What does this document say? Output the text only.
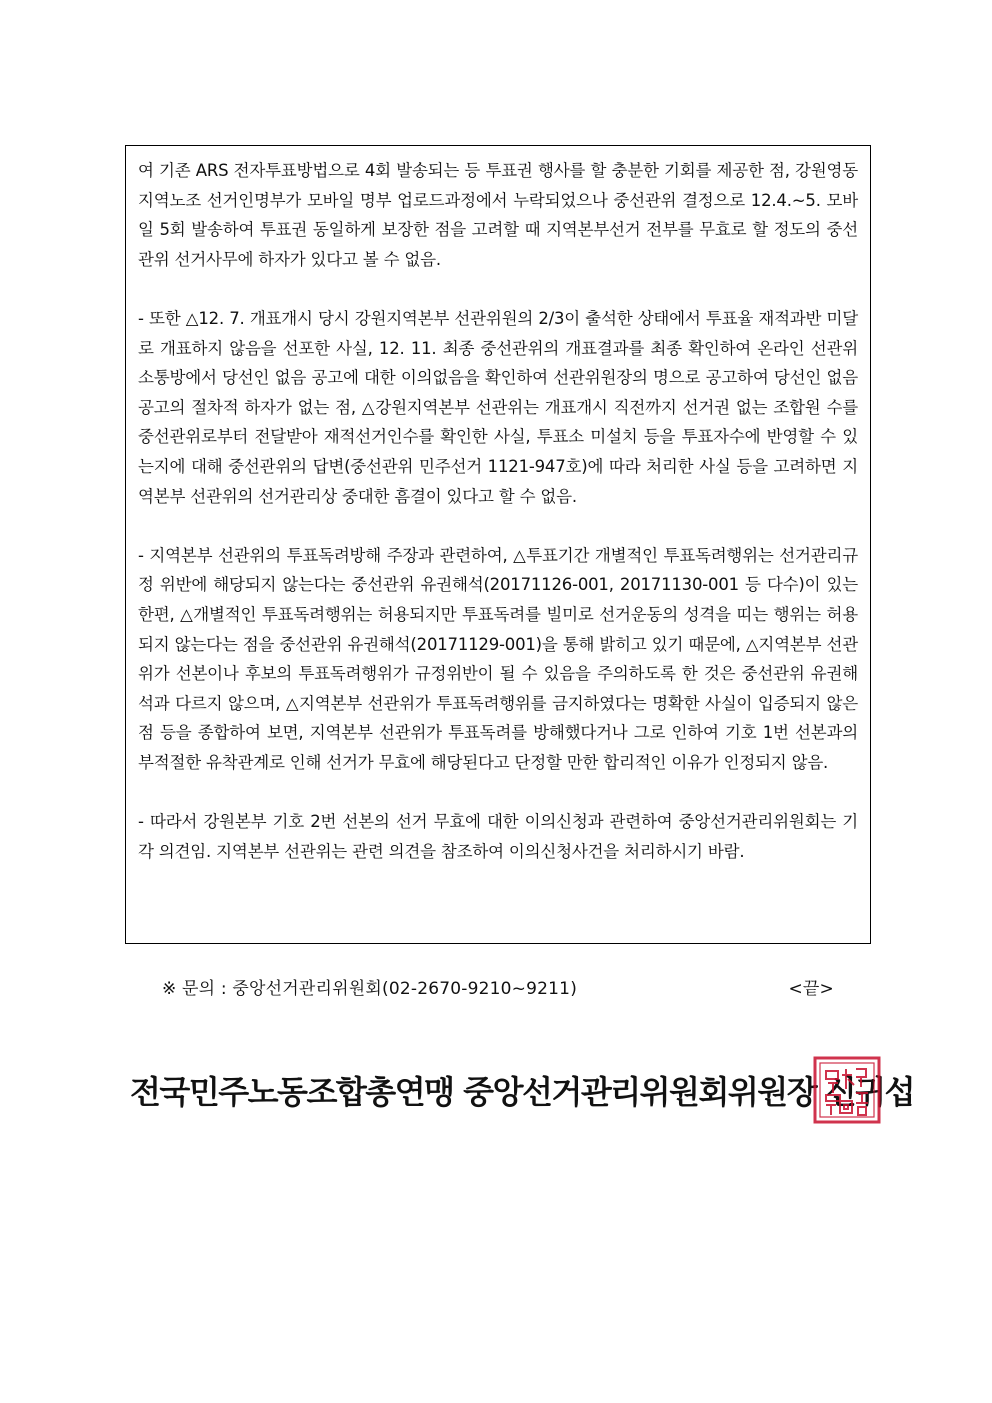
여 기존 ARS 전자투표방법으로 4회 발송되는 등 투표권 행사를 할 충분한 기회를 제공한 점, 강원영동지역노조 선거인명부가 모바일 명부 업로드과정에서 누락되었으나 중선관위 결정으로 12.4.~5. 모바일 5회 발송하여 투표권 동일하게 보장한 점을 고려할 때 지역본부선거 전부를 무효로 할 정도의 중선관위 선거사무에 하자가 있다고 볼 수 없음.

- 또한 △12. 7. 개표개시 당시 강원지역본부 선관위원의 2/3이 출석한 상태에서 투표율 재적과반 미달로 개표하지 않음을 선포한 사실, 12. 11. 최종 중선관위의 개표결과를 최종 확인하여 온라인 선관위 소통방에서 당선인 없음 공고에 대한 이의없음을 확인하여 선관위원장의 명으로 공고하여 당선인 없음 공고의 절차적 하자가 없는 점, △강원지역본부 선관위는 개표개시 직전까지 선거권 없는 조합원 수를 중선관위로부터 전달받아 재적선거인수를 확인한 사실, 투표소 미설치 등을 투표자수에 반영할 수 있는지에 대해 중선관위의 답변(중선관위 민주선거 1121-947호)에 따라 처리한 사실 등을 고려하면 지역본부 선관위의 선거관리상 중대한 흠결이 있다고 할 수 없음.

- 지역본부 선관위의 투표독려방해 주장과 관련하여, △투표기간 개별적인 투표독려행위는 선거관리규정 위반에 해당되지 않는다는 중선관위 유권해석(20171126-001, 20171130-001 등 다수)이 있는 한편, △개별적인 투표독려행위는 허용되지만 투표독려를 빌미로 선거운동의 성격을 띠는 행위는 허용되지 않는다는 점을 중선관위 유권해석(20171129-001)을 통해 밝히고 있기 때문에, △지역본부 선관위가 선본이나 후보의 투표독려행위가 규정위반이 될 수 있음을 주의하도록 한 것은 중선관위 유권해석과 다르지 않으며, △지역본부 선관위가 투표독려행위를 금지하였다는 명확한 사실이 입증되지 않은 점 등을 종합하여 보면, 지역본부 선관위가 투표독려를 방해했다거나 그로 인하여 기호 1번 선본과의 부적절한 유착관계로 인해 선거가 무효에 해당된다고 단정할 만한 합리적인 이유가 인정되지 않음.

- 따라서 강원본부 기호 2번 선본의 선거 무효에 대한 이의신청과 관련하여 중앙선거관리위원회는 기각 의견임. 지역본부 선관위는 관련 의견을 참조하여 이의신청사건을 처리하시기 바람.

※ 문의 : 중앙선거관리위원회(02-2670-9210~9211)	<끝>
전국민주노동조합총연맹 중앙선거관리위원회위원장 신귀섭
